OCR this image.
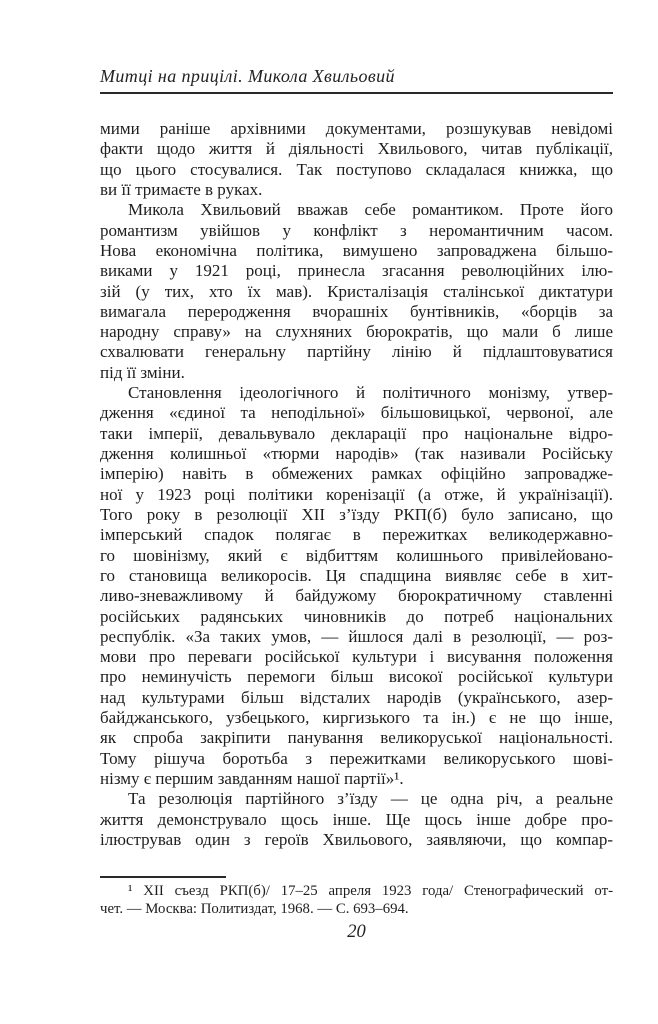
Митці на прицілі. Микола Хвильовий
мими раніше архівними документами, розшукував невідомі
факти щодо життя й діяльності Хвильового, читав публікації,
що цього стосувалися. Так поступово складалася книжка, що
ви її тримаєте в руках.
Микола Хвильовий вважав себе романтиком. Проте його
романтизм увійшов у конфлікт з неромантичним часом.
Нова економічна політика, вимушено запроваджена більшо-
виками у 1921 році, принесла згасання революційних ілю-
зій (у тих, хто їх мав). Кристалізація сталінської диктатури
вимагала переродження вчорашніх бунтівників, «борців за
народну справу» на слухняних бюрократів, що мали б лише
схвалювати генеральну партійну лінію й підлаштовуватися
під її зміни.
Становлення ідеологічного й політичного монізму, утвер-
дження «єдиної та неподільної» більшовицької, червоної, але
таки імперії, девальвувало декларації про національне відро-
дження колишньої «тюрми народів» (так називали Російську
імперію) навіть в обмежених рамках офіційно запровадже-
ної у 1923 році політики коренізації (а отже, й українізації).
Того року в резолюції XII з’їзду РКП(б) було записано, що
імперський спадок полягає в пережитках великодержавно-
го шовінізму, який є відбиттям колишнього привілейовано-
го становища великоросів. Ця спадщина виявляє себе в хит-
ливо-зневажливому й байдужому бюрократичному ставленні
російських радянських чиновників до потреб національних
республік. «За таких умов, — йшлося далі в резолюції, — роз-
мови про переваги російської культури і висування положення
про неминучість перемоги більш високої російської культури
над культурами більш відсталих народів (українського, азер-
байджанського, узбецького, киргизького та ін.) є не що інше,
як спроба закріпити панування великоруської національності.
Тому рішуча боротьба з пережитками великоруського шові-
нізму є першим завданням нашої партії»¹.
Та резолюція партійного з’їзду — це одна річ, а реальне
життя демонструвало щось інше. Ще щось інше добре про-
ілюстрував один з героїв Хвильового, заявляючи, що компар-
¹ XII съезд РКП(б)/ 17–25 апреля 1923 года/ Стенографический от-
чет. — Москва: Политиздат, 1968. — С. 693–694.
20
